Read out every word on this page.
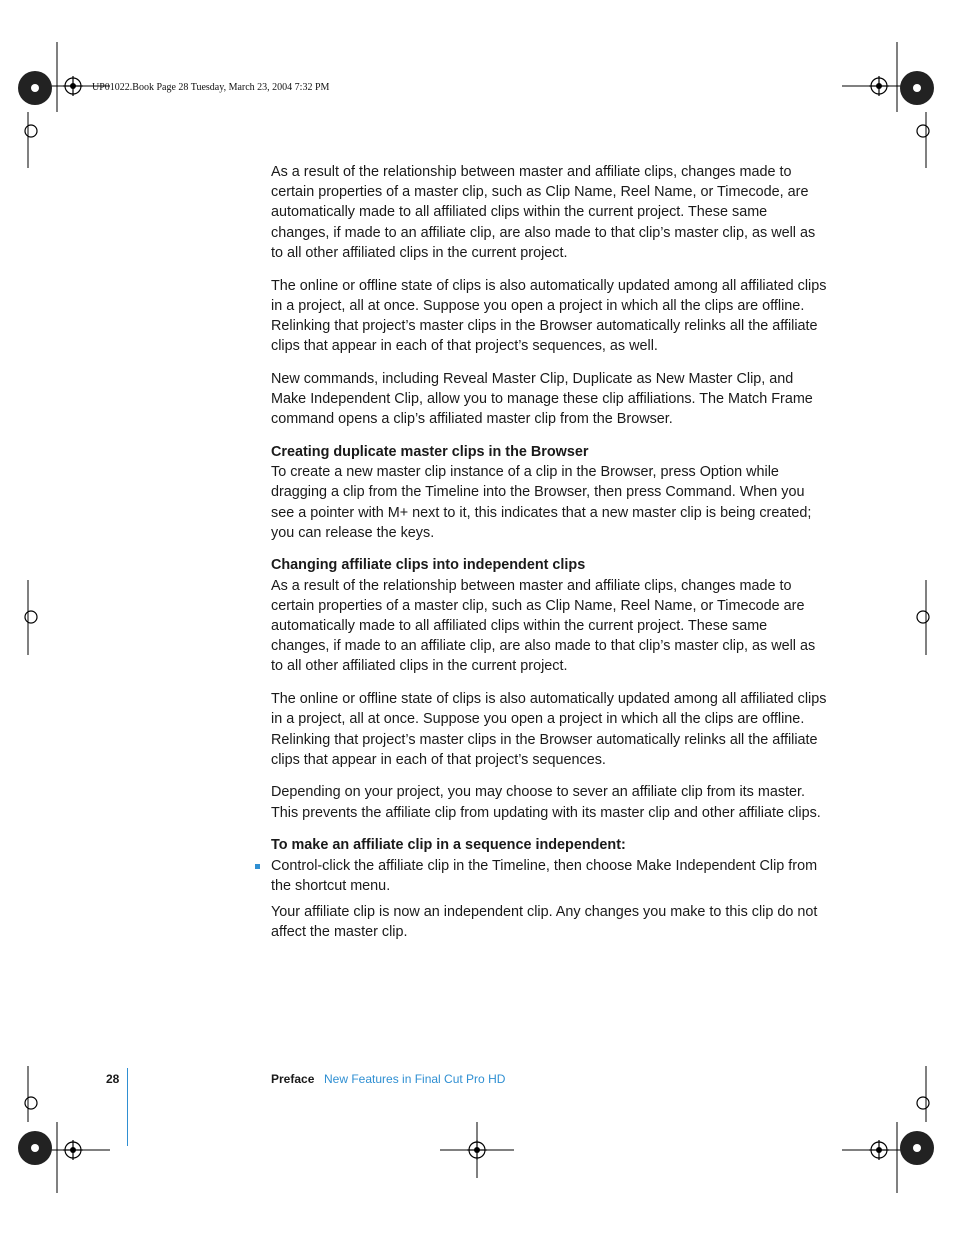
UP01022.Book Page 28 Tuesday, March 23, 2004 7:32 PM

As a result of the relationship between master and affiliate clips, changes made to certain properties of a master clip, such as Clip Name, Reel Name, or Timecode, are automatically made to all affiliated clips within the current project. These same changes, if made to an affiliate clip, are also made to that clip’s master clip, as well as to all other affiliated clips in the current project.

The online or offline state of clips is also automatically updated among all affiliated clips in a project, all at once. Suppose you open a project in which all the clips are offline. Relinking that project’s master clips in the Browser automatically relinks all the affiliate clips that appear in each of that project’s sequences, as well.

New commands, including Reveal Master Clip, Duplicate as New Master Clip, and Make Independent Clip, allow you to manage these clip affiliations. The Match Frame command opens a clip’s affiliated master clip from the Browser.

Creating duplicate master clips in the Browser

To create a new master clip instance of a clip in the Browser, press Option while dragging a clip from the Timeline into the Browser, then press Command. When you see a pointer with M+ next to it, this indicates that a new master clip is being created; you can release the keys.

Changing affiliate clips into independent clips

As a result of the relationship between master and affiliate clips, changes made to certain properties of a master clip, such as Clip Name, Reel Name, or Timecode are automatically made to all affiliated clips within the current project. These same changes, if made to an affiliate clip, are also made to that clip’s master clip, as well as to all other affiliated clips in the current project.

The online or offline state of clips is also automatically updated among all affiliated clips in a project, all at once. Suppose you open a project in which all the clips are offline. Relinking that project’s master clips in the Browser automatically relinks all the affiliate clips that appear in each of that project’s sequences.

Depending on your project, you may choose to sever an affiliate clip from its master. This prevents the affiliate clip from updating with its master clip and other affiliate clips.

To make an affiliate clip in a sequence independent:
Control-click the affiliate clip in the Timeline, then choose Make Independent Clip from the shortcut menu.

Your affiliate clip is now an independent clip. Any changes you make to this clip do not affect the master clip.

28	Preface New Features in Final Cut Pro HD
